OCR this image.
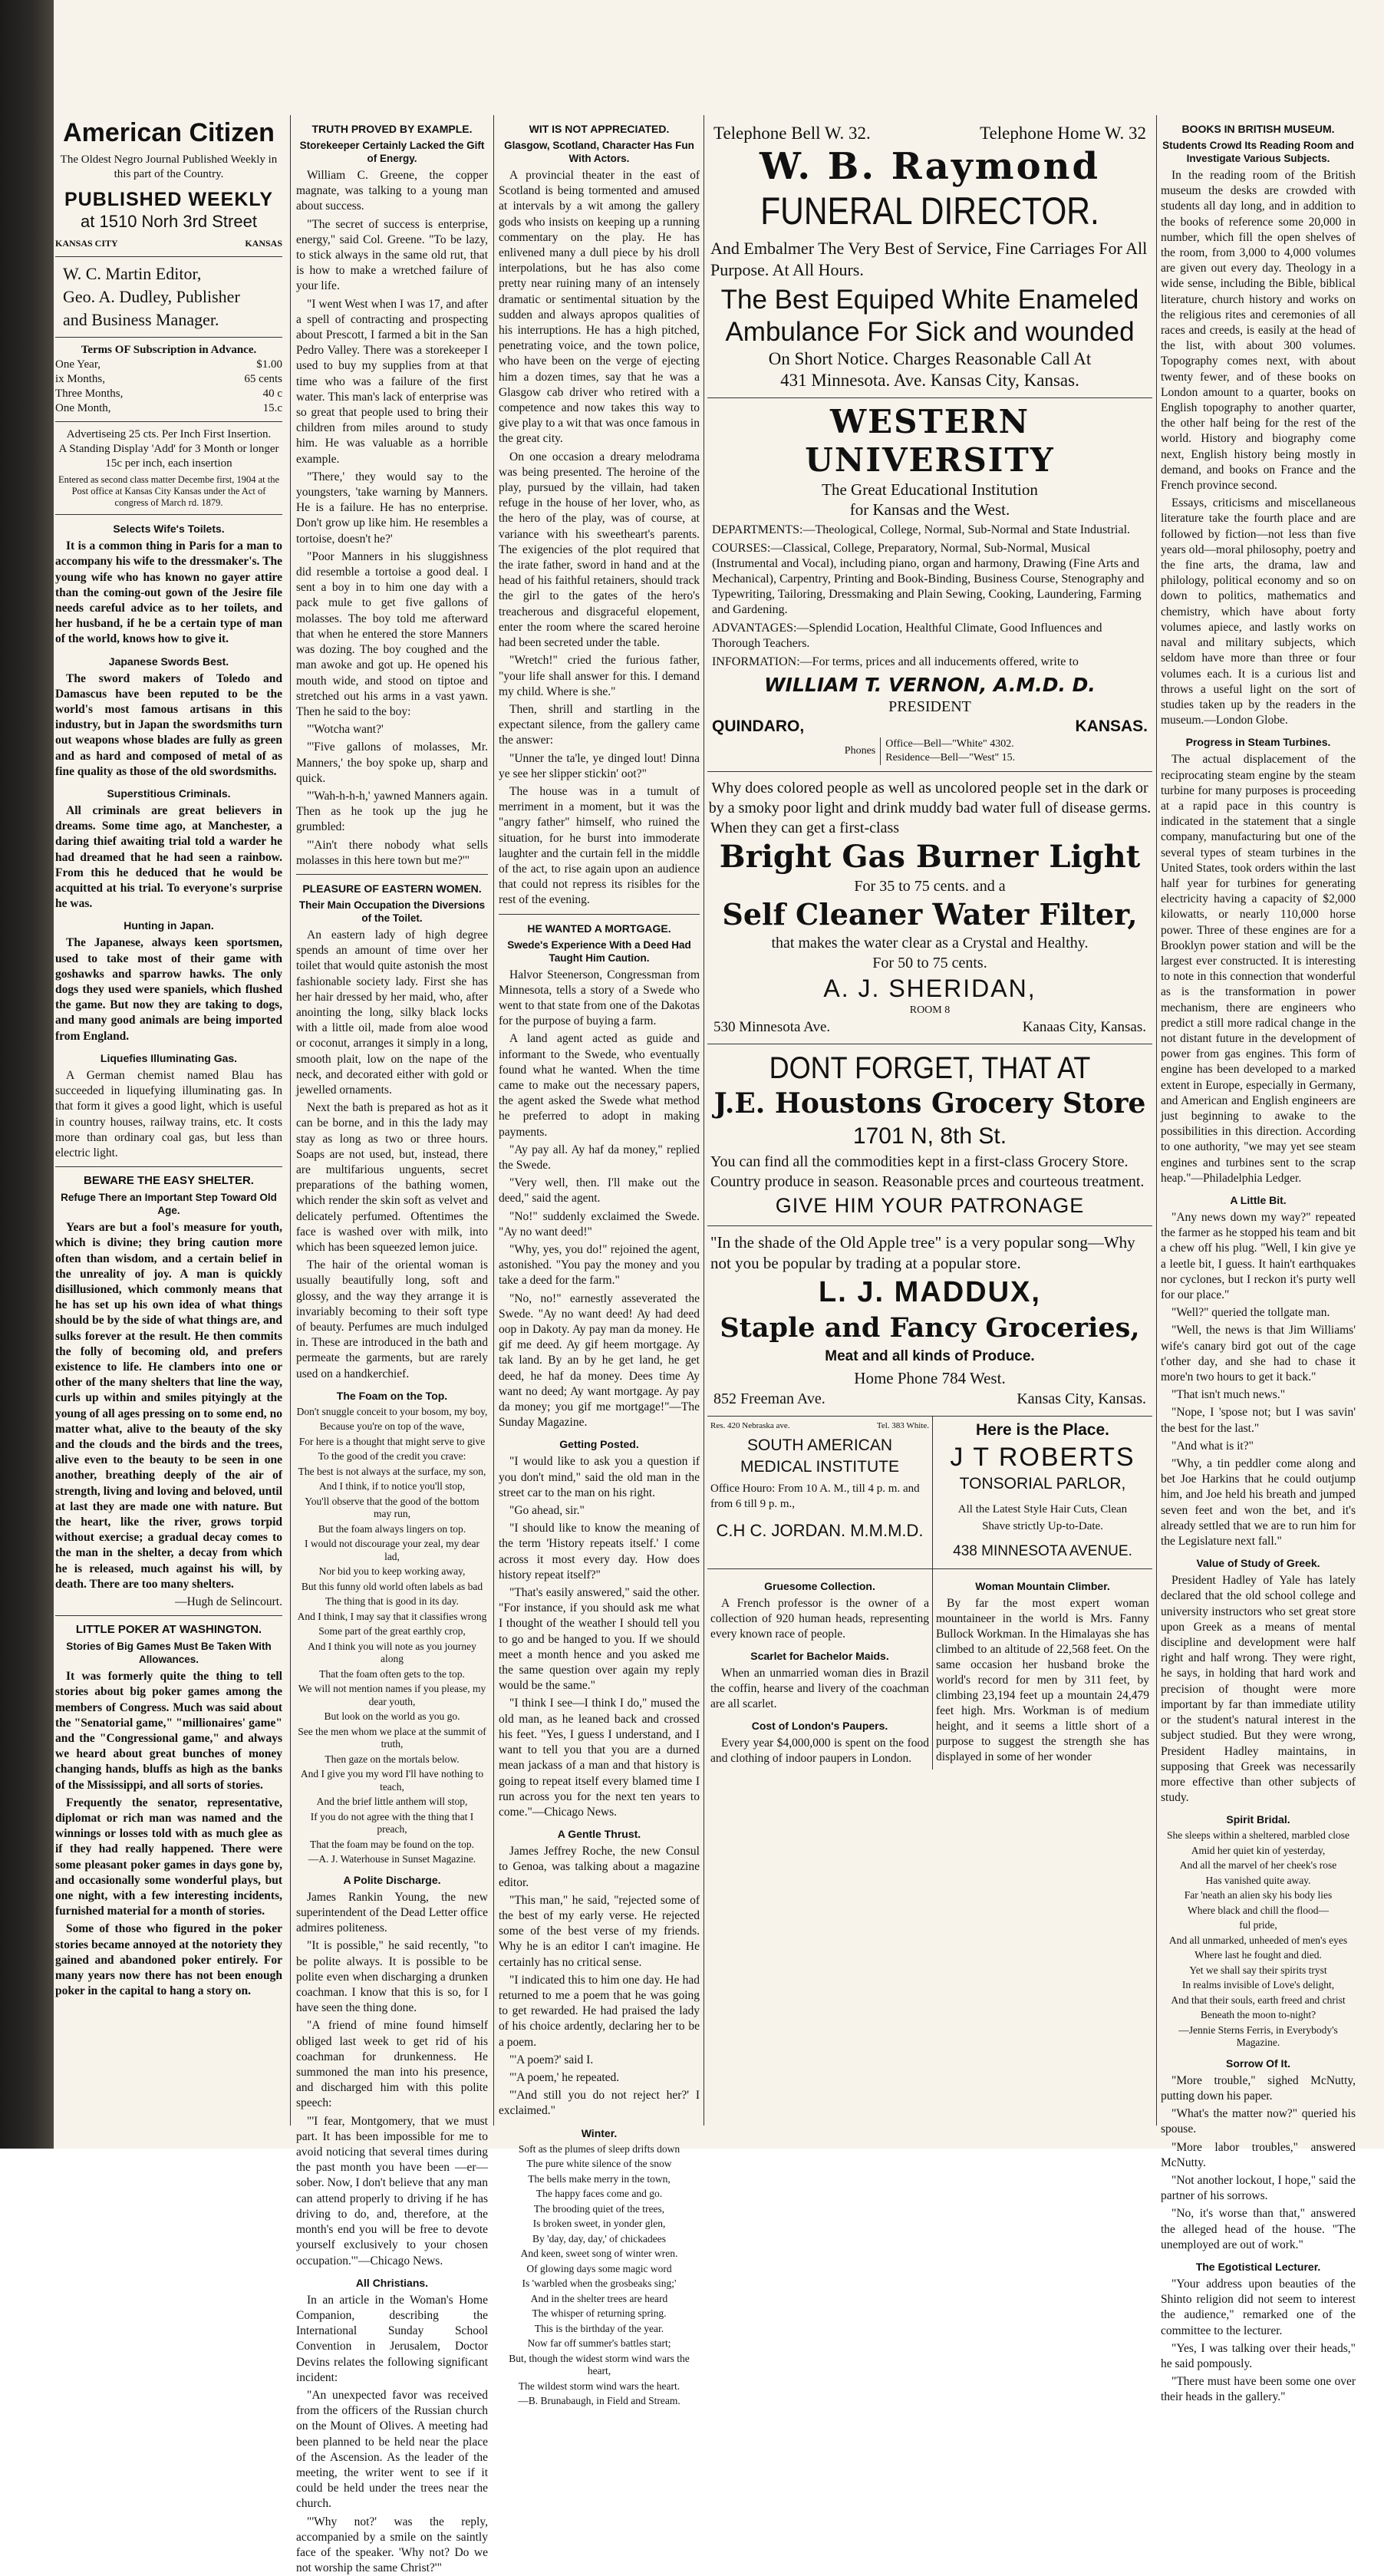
American Citizen
The Oldest Negro Journal Published Weekly in this part of the Country.
PUBLISHED WEEKLY
at 1510 Norh 3rd Street
KANSAS CITY	KANSAS
W. C. Martin Editor,
Geo. A. Dudley, Publisher
and Business Manager.
Terms OF Subscription in Advance.
One Year,	$1.00
ix Months,	65 cents
Three Months,	40 c
One Month,	15.c
Advertiseing 25 cts. Per Inch First Insertion.
A Standing Display 'Add' for 3 Month or longer 15c per inch, each insertion
Entered as second class matter Decembe first, 1904 at the Post office at Kansas City Kansas under the Act of congress of March rd. 1879.
Selects Wife's Toilets.

It is a common thing in Paris for a man to accompany his wife to the dressmaker's. The young wife who has known no gayer attire than the coming-out gown of the Jesire file needs careful advice as to her toilets, and her husband, if he be a certain type of man of the world, knows how to give it.

Japanese Swords Best.

The sword makers of Toledo and Damascus have been reputed to be the world's most famous artisans in this industry, but in Japan the swordsmiths turn out weapons whose blades are fully as green and as hard and composed of metal of as fine quality as those of the old swordsmiths.

Superstitious Criminals.

All criminals are great believers in dreams. Some time ago, at Manchester, a daring thief awaiting trial told a warder he had dreamed that he had seen a rainbow. From this he deduced that he would be acquitted at his trial. To everyone's surprise he was.

Hunting in Japan.

The Japanese, always keen sportsmen, used to take most of their game with goshawks and sparrow hawks. The only dogs they used were spaniels, which flushed the game. But now they are taking to dogs, and many good animals are being imported from England.

Liquefies Illuminating Gas.

A German chemist named Blau has succeeded in liquefying illuminating gas. In that form it gives a good light, which is useful in country houses, railway trains, etc. It costs more than ordinary coal gas, but less than electric light.

BEWARE THE EASY SHELTER.
Refuge There an Important Step Toward Old Age.

Years are but a fool's measure for youth, which is divine; they bring caution more often than wisdom, and a certain belief in the unreality of joy. A man is quickly disillusioned, which commonly means that he has set up his own idea of what things should be by the side of what things are, and sulks forever at the result. He then commits the folly of becoming old, and prefers existence to life. He clambers into one or other of the many shelters that line the way, curls up within and smiles pityingly at the young of all ages pressing on to some end, no matter what, alive to the beauty of the sky and the clouds and the birds and the trees, alive even to the beauty to be seen in one another, breathing deeply of the air of strength, living and loving and beloved, until at last they are made one with nature. But the heart, like the river, grows torpid without exercise; a gradual decay comes to the man in the shelter, a decay from which he is released, much against his will, by death. There are too many shelters.

—Hugh de Selincourt.

LITTLE POKER AT WASHINGTON.
Stories of Big Games Must Be Taken With Allowances.

It was formerly quite the thing to tell stories about big poker games among the members of Congress. Much was said about the "Senatorial game," "millionaires' game" and the "Congressional game," and always we heard about great bunches of money changing hands, bluffs as high as the banks of the Mississippi, and all sorts of stories.

Frequently the senator, representative, diplomat or rich man was named and the winnings or losses told with as much glee as if they had really happened. There were some pleasant poker games in days gone by, and occasionally some wonderful plays, but one night, with a few interesting incidents, furnished material for a month of stories.

Some of those who figured in the poker stories became annoyed at the notoriety they gained and abandoned poker entirely. For many years now there has not been enough poker in the capital to hang a story on.

TRUTH PROVED BY EXAMPLE.
Storekeeper Certainly Lacked the Gift of Energy.

William C. Greene, the copper magnate, was talking to a young man about success.

"The secret of success is enterprise, energy," said Col. Greene. "To be lazy, to stick always in the same old rut, that is how to make a wretched failure of your life.

"I went West when I was 17, and after a spell of contracting and prospecting about Prescott, I farmed a bit in the San Pedro Valley. There was a storekeeper I used to buy my supplies from at that time who was a failure of the first water. This man's lack of enterprise was so great that people used to bring their children from miles around to study him. He was valuable as a horrible example.

"There,' they would say to the youngsters, 'take warning by Manners. He is a failure. He has no enterprise. Don't grow up like him. He resembles a tortoise, doesn't he?'

"Poor Manners in his sluggishness did resemble a tortoise a good deal. I sent a boy in to him one day with a pack mule to get five gallons of molasses. The boy told me afterward that when he entered the store Manners was dozing. The boy coughed and the man awoke and got up. He opened his mouth wide, and stood on tiptoe and stretched out his arms in a vast yawn. Then he said to the boy:

"'Wotcha want?'

"'Five gallons of molasses, Mr. Manners,' the boy spoke up, sharp and quick.

"'Wah-h-h-h,' yawned Manners again. Then as he took up the jug he grumbled:

"'Ain't there nobody what sells molasses in this here town but me?'"

PLEASURE OF EASTERN WOMEN.
Their Main Occupation the Diversions of the Toilet.

An eastern lady of high degree spends an amount of time over her toilet that would quite astonish the most fashionable society lady. First she has her hair dressed by her maid, who, after anointing the long, silky black locks with a little oil, made from aloe wood or coconut, arranges it simply in a long, smooth plait, low on the nape of the neck, and decorated either with gold or jewelled ornaments.

Next the bath is prepared as hot as it can be borne, and in this the lady may stay as long as two or three hours. Soaps are not used, but, instead, there are multifarious unguents, secret preparations of the bathing women, which render the skin soft as velvet and delicately perfumed. Oftentimes the face is washed over with milk, into which has been squeezed lemon juice.

The hair of the oriental woman is usually beautifully long, soft and glossy, and the way they arrange it is invariably becoming to their soft type of beauty. Perfumes are much indulged in. These are introduced in the bath and permeate the garments, but are rarely used on a handkerchief.

The Foam on the Top.

Don't snuggle conceit to your bosom, my boy,

Because you're on top of the wave,

For here is a thought that might serve to give

To the good of the credit you crave:

The best is not always at the surface, my son,

And I think, if to notice you'll stop,

You'll observe that the good of the bottom may run,

But the foam always lingers on top.

I would not discourage your zeal, my dear lad,

Nor bid you to keep working away,

But this funny old world often labels as bad

The thing that is good in its day.

And I think, I may say that it classifies wrong

Some part of the great earthly crop,

And I think you will note as you journey along

That the foam often gets to the top.

We will not mention names if you please, my dear youth,

But look on the world as you go.

See the men whom we place at the summit of truth,

Then gaze on the mortals below.

And I give you my word I'll have nothing to teach,

And the brief little anthem will stop,

If you do not agree with the thing that I preach,

That the foam may be found on the top.

—A. J. Waterhouse in Sunset Magazine.

A Polite Discharge.

James Rankin Young, the new superintendent of the Dead Letter office admires politeness.

"It is possible," he said recently, "to be polite always. It is possible to be polite even when discharging a drunken coachman. I know that this is so, for I have seen the thing done.

"A friend of mine found himself obliged last week to get rid of his coachman for drunkenness. He summoned the man into his presence, and discharged him with this polite speech:

"'I fear, Montgomery, that we must part. It has been impossible for me to avoid noticing that several times during the past month you have been —er—sober. Now, I don't believe that any man can attend properly to driving if he has driving to do, and, therefore, at the month's end you will be free to devote yourself exclusively to your chosen occupation.'"—Chicago News.

All Christians.

In an article in the Woman's Home Companion, describing the International Sunday School Convention in Jerusalem, Doctor Devins relates the following significant incident:

"An unexpected favor was received from the officers of the Russian church on the Mount of Olives. A meeting had been planned to be held near the place of the Ascension. As the leader of the meeting, the writer went to see if it could be held under the trees near the church.

"'Why not?' was the reply, accompanied by a smile on the saintly face of the speaker. 'Why not? Do we not worship the same Christ?'"

WIT IS NOT APPRECIATED.
Glasgow, Scotland, Character Has Fun With Actors.

A provincial theater in the east of Scotland is being tormented and amused at intervals by a wit among the gallery gods who insists on keeping up a running commentary on the play. He has enlivened many a dull piece by his droll interpolations, but he has also come pretty near ruining many of an intensely dramatic or sentimental situation by the sudden and always apropos qualities of his interruptions. He has a high pitched, penetrating voice, and the town police, who have been on the verge of ejecting him a dozen times, say that he was a Glasgow cab driver who retired with a competence and now takes this way to give play to a wit that was once famous in the great city.

On one occasion a dreary melodrama was being presented. The heroine of the play, pursued by the villain, had taken refuge in the house of her lover, who, as the hero of the play, was of course, at variance with his sweetheart's parents. The exigencies of the plot required that the irate father, sword in hand and at the head of his faithful retainers, should track the girl to the gates of the hero's treacherous and disgraceful elopement, enter the room where the scared heroine had been secreted under the table.

"Wretch!" cried the furious father, "your life shall answer for this. I demand my child. Where is she."

Then, shrill and startling in the expectant silence, from the gallery came the answer:

"Unner the ta'le, ye dinged lout! Dinna ye see her slipper stickin' oot?"

The house was in a tumult of merriment in a moment, but it was the "angry father" himself, who ruined the situation, for he burst into immoderate laughter and the curtain fell in the middle of the act, to rise again upon an audience that could not repress its risibles for the rest of the evening.

HE WANTED A MORTGAGE.
Swede's Experience With a Deed Had Taught Him Caution.

Halvor Steenerson, Congressman from Minnesota, tells a story of a Swede who went to that state from one of the Dakotas for the purpose of buying a farm.

A land agent acted as guide and informant to the Swede, who eventually found what he wanted. When the time came to make out the necessary papers, the agent asked the Swede what method he preferred to adopt in making payments.

"Ay pay all. Ay haf da money," replied the Swede.

"Very well, then. I'll make out the deed," said the agent.

"No!" suddenly exclaimed the Swede. "Ay no want deed!"

"Why, yes, you do!" rejoined the agent, astonished. "You pay the money and you take a deed for the farm."

"No, no!" earnestly asseverated the Swede. "Ay no want deed! Ay had deed oop in Dakoty. Ay pay man da money. He gif me deed. Ay gif heem mortgage. Ay tak land. By an by he get land, he get deed, he haf da money. Dees time Ay want no deed; Ay want mortgage. Ay pay da money; you gif me mortgage!"—The Sunday Magazine.

Getting Posted.

"I would like to ask you a question if you don't mind," said the old man in the street car to the man on his right.

"Go ahead, sir."

"I should like to know the meaning of the term 'History repeats itself.' I come across it most every day. How does history repeat itself?"

"That's easily answered," said the other. "For instance, if you should ask me what I thought of the weather I should tell you to go and be hanged to you. If we should meet a month hence and you asked me the same question over again my reply would be the same."

"I think I see—I think I do," mused the old man, as he leaned back and crossed his feet. "Yes, I guess I understand, and I want to tell you that you are a durned mean jackass of a man and that history is going to repeat itself every blamed time I run across you for the next ten years to come."—Chicago News.

A Gentle Thrust.

James Jeffrey Roche, the new Consul to Genoa, was talking about a magazine editor.

"This man," he said, "rejected some of the best of my early verse. He rejected some of the best verse of my friends. Why he is an editor I can't imagine. He certainly has no critical sense.

"I indicated this to him one day. He had returned to me a poem that he was going to get rewarded. He had praised the lady of his choice ardently, declaring her to be a poem.

"'A poem?' said I.

"'A poem,' he repeated.

"'And still you do not reject her?' I exclaimed."

Winter.

Soft as the plumes of sleep drifts down

The pure white silence of the snow

The bells make merry in the town,

The happy faces come and go.

The brooding quiet of the trees,

Is broken sweet, in yonder glen,

By 'day, day, day,' of chickadees

And keen, sweet song of winter wren.

Of glowing days some magic word

Is 'warbled when the grosbeaks sing;'

And in the shelter trees are heard

The whisper of returning spring.

This is the birthday of the year.

Now far off summer's battles start;

But, though the widest storm wind wars the heart,

The wildest storm wind wars the heart.

—B. Brunabaugh, in Field and Stream.

Telephone Bell W. 32.	Telephone Home W. 32
W. B. Raymond
FUNERAL DIRECTOR.
And Embalmer The Very Best of Service, Fine Carriages For All Purpose. At All Hours.
The Best Equiped White Enameled Ambulance For Sick and wounded
On Short Notice. Charges Reasonable Call At
431 Minnesota. Ave. Kansas City, Kansas.
WESTERN UNIVERSITY
The Great Educational Institution
for Kansas and the West.
DEPARTMENTS:—Theological, College, Normal, Sub-Normal and State Industrial.
COURSES:—Classical, College, Preparatory, Normal, Sub-Normal, Musical (Instrumental and Vocal), including piano, organ and harmony, Drawing (Fine Arts and Mechanical), Carpentry, Printing and Book-Binding, Business Course, Stenography and Typewriting, Tailoring, Dressmaking and Plain Sewing, Cooking, Laundering, Farming and Gardening.
ADVANTAGES:—Splendid Location, Healthful Climate, Good Influences and Thorough Teachers.
INFORMATION:—For terms, prices and all inducements offered, write to
WILLIAM T. VERNON, A.M.D. D.
PRESIDENT
QUINDARO,	KANSAS.
Phones
Office—Bell—"White" 4302.
Residence—Bell—"West" 15.
Why does colored people as well as uncolored people set in the dark or by a smoky poor light and drink muddy bad water full of disease germs.
When they can get a first-class
Bright Gas Burner Light
For 35 to 75 cents. and a
Self Cleaner Water Filter,
that makes the water clear as a Crystal and Healthy.
For 50 to 75 cents.
A. J. SHERIDAN,
ROOM 8
530 Minnesota Ave.	Kanaas City, Kansas.
DONT FORGET, THAT AT
J.E. Houstons Grocery Store
1701 N, 8th St.
You can find all the commodities kept in a first-class Grocery Store. Country produce in season. Reasonable prces and courteous treatment.
GIVE HIM YOUR PATRONAGE
"In the shade of the Old Apple tree" is a very popular song—Why not you be popular by trading at a popular store.
L. J. MADDUX,
Staple and Fancy Groceries,
Meat and all kinds of Produce.
Home Phone 784 West.
852 Freeman Ave.	Kansas City, Kansas.
Res. 420 Nebraska ave.	Tel. 383 White.
SOUTH AMERICAN
MEDICAL INSTITUTE
Office Houro: From 10 A. M., till 4 p. m. and from 6 till 9 p. m.,
C.H C. JORDAN. M.M.M.D.
Here is the Place.
J T ROBERTS
TONSORIAL PARLOR,
All the Latest Style Hair Cuts, Clean
Shave strictly Up-to-Date.
438 MINNESOTA AVENUE.
Gruesome Collection.

A French professor is the owner of a collection of 920 human heads, representing every known race of people.

Scarlet for Bachelor Maids.

When an unmarried woman dies in Brazil the coffin, hearse and livery of the coachman are all scarlet.

Cost of London's Paupers.

Every year $4,000,000 is spent on the food and clothing of indoor paupers in London.

Woman Mountain Climber.

By far the most expert woman mountaineer in the world is Mrs. Fanny Bullock Workman. In the Himalayas she has climbed to an altitude of 22,568 feet. On the same occasion her husband broke the world's record for men by 311 feet, by climbing 23,194 feet up a mountain 24,479 feet high. Mrs. Workman is of medium height, and it seems a little short of a purpose to suggest the strength she has displayed in some of her wonder

BOOKS IN BRITISH MUSEUM.
Students Crowd Its Reading Room and Investigate Various Subjects.

In the reading room of the British museum the desks are crowded with students all day long, and in addition to the books of reference some 20,000 in number, which fill the open shelves of the room, from 3,000 to 4,000 volumes are given out every day. Theology in a wide sense, including the Bible, biblical literature, church history and works on the religious rites and ceremonies of all races and creeds, is easily at the head of the list, with about 300 volumes. Topography comes next, with about twenty fewer, and of these books on London amount to a quarter, books on English topography to another quarter, the other half being for the rest of the world. History and biography come next, English history being mostly in demand, and books on France and the French province second.

Essays, criticisms and miscellaneous literature take the fourth place and are followed by fiction—not less than five years old—moral philosophy, poetry and the fine arts, the drama, law and philology, political economy and so on down to politics, mathematics and chemistry, which have about forty volumes apiece, and lastly works on naval and military subjects, which seldom have more than three or four volumes each. It is a curious list and throws a useful light on the sort of studies taken up by the readers in the museum.—London Globe.

Progress in Steam Turbines.

The actual displacement of the reciprocating steam engine by the steam turbine for many purposes is proceeding at a rapid pace in this country is indicated in the statement that a single company, manufacturing but one of the several types of steam turbines in the United States, took orders within the last half year for turbines for generating electricity having a capacity of $2,000 kilowatts, or nearly 110,000 horse power. Three of these engines are for a Brooklyn power station and will be the largest ever constructed. It is interesting to note in this connection that wonderful as is the transformation in power mechanism, there are engineers who predict a still more radical change in the not distant future in the development of power from gas engines. This form of engine has been developed to a marked extent in Europe, especially in Germany, and American and English engineers are just beginning to awake to the possibilities in this direction. According to one authority, "we may yet see steam engines and turbines sent to the scrap heap."—Philadelphia Ledger.

A Little Bit.

"Any news down my way?" repeated the farmer as he stopped his team and bit a chew off his plug. "Well, I kin give ye a leetle bit, I guess. It hain't earthquakes nor cyclones, but I reckon it's purty well for our place."

"Well?" queried the tollgate man.

"Well, the news is that Jim Williams' wife's canary bird got out of the cage t'other day, and she had to chase it more'n two hours to get it back."

"That isn't much news."

"Nope, I 'spose not; but I was savin' the best for the last."

"And what is it?"

"Why, a tin peddler come along and bet Joe Harkins that he could outjump him, and Joe held his breath and jumped seven feet and won the bet, and it's already settled that we are to run him for the Legislature next fall."

Value of Study of Greek.

President Hadley of Yale has lately declared that the old school college and university instructors who set great store upon Greek as a means of mental discipline and development were half right and half wrong. They were right, he says, in holding that hard work and precision of thought were more important by far than immediate utility or the student's natural interest in the subject studied. But they were wrong, President Hadley maintains, in supposing that Greek was necessarily more effective than other subjects of study.

Spirit Bridal.

She sleeps within a sheltered, marbled close

Amid her quiet kin of yesterday,

And all the marvel of her cheek's rose

Has vanished quite away.

Far 'neath an alien sky his body lies

Where black and chill the flood—

ful pride,

And all unmarked, unheeded of men's eyes

Where last he fought and died.

Yet we shall say their spirits tryst

In realms invisible of Love's delight,

And that their souls, earth freed and christ

Beneath the moon to-night?

—Jennie Sterns Ferris, in Everybody's Magazine.

Sorrow Of It.

"More trouble," sighed McNutty, putting down his paper.

"What's the matter now?" queried his spouse.

"More labor troubles," answered McNutty.

"Not another lockout, I hope," said the partner of his sorrows.

"No, it's worse than that," answered the alleged head of the house. "The unemployed are out of work."

The Egotistical Lecturer.

"Your address upon beauties of the Shinto religion did not seem to interest the audience," remarked one of the committee to the lecturer.

"Yes, I was talking over their heads," he said pompously.

"There must have been some one over their heads in the gallery."
